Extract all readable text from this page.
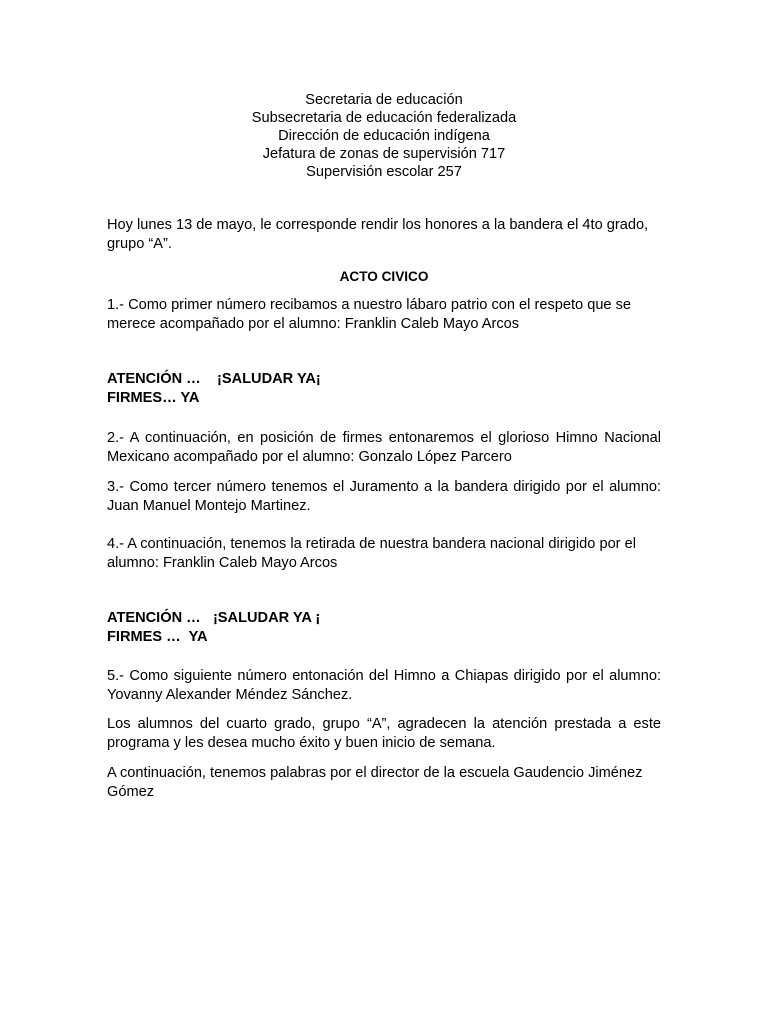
Secretaria de educación
Subsecretaria de educación federalizada
Dirección de educación indígena
Jefatura de zonas de supervisión 717
Supervisión escolar 257
Hoy lunes 13 de mayo, le corresponde rendir los honores a la bandera el 4to grado, grupo “A”.
ACTO CIVICO
1.- Como primer número recibamos a nuestro lábaro patrio con el respeto que se merece acompañado por el alumno: Franklin Caleb Mayo Arcos
ATENCIÓN …    ¡SALUDAR YA¡
FIRMES… YA
2.- A continuación, en posición de firmes entonaremos el glorioso Himno Nacional Mexicano acompañado por el alumno: Gonzalo López Parcero
3.- Como tercer número tenemos el Juramento a la bandera dirigido por el alumno: Juan Manuel Montejo Martinez.
4.- A continuación, tenemos la retirada de nuestra bandera nacional dirigido por el alumno: Franklin Caleb Mayo Arcos
ATENCIÓN …   ¡SALUDAR YA ¡
FIRMES …  YA
5.- Como siguiente número entonación del Himno a Chiapas dirigido por el alumno: Yovanny Alexander Méndez Sánchez.
Los alumnos del cuarto grado, grupo “A”, agradecen la atención prestada a este programa y les desea mucho éxito y buen inicio de semana.
A continuación, tenemos palabras por el director de la escuela Gaudencio Jiménez Gómez
